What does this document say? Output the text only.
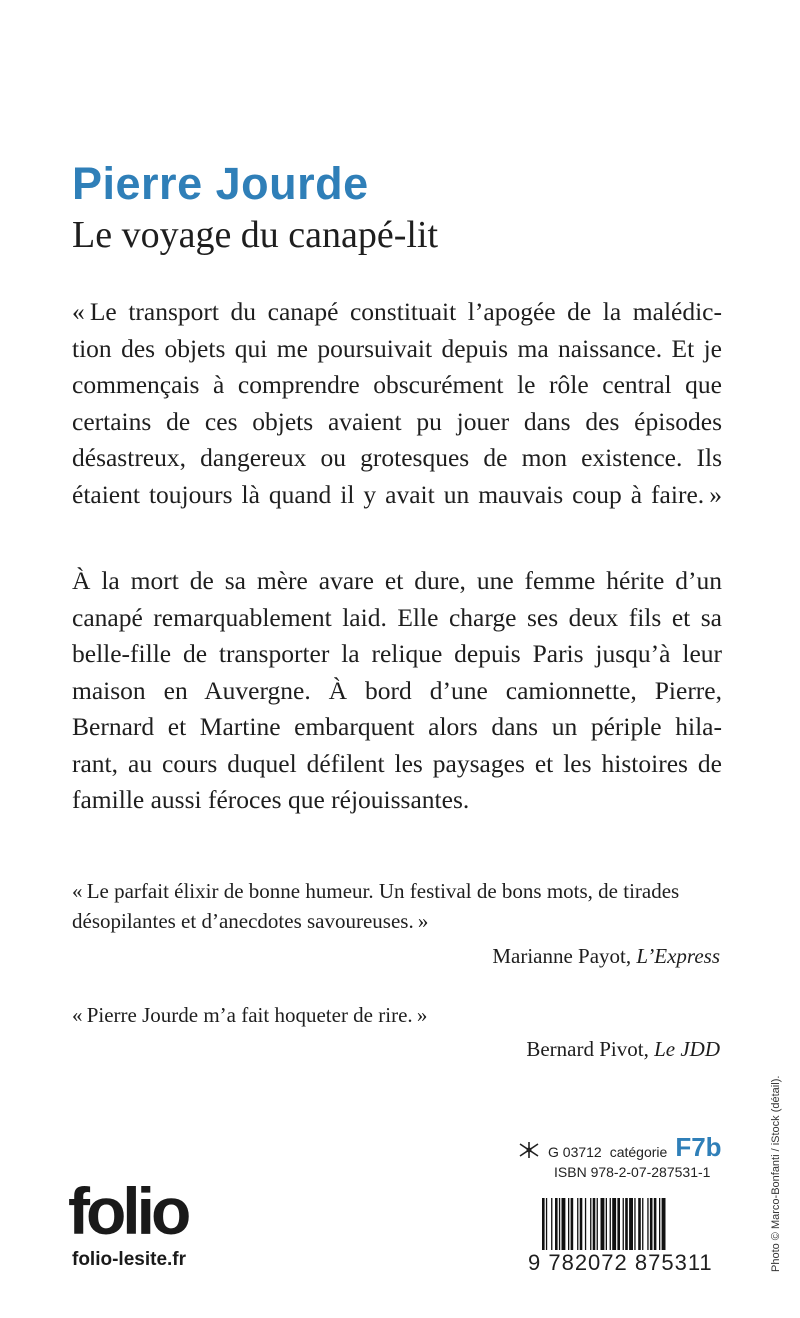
Pierre Jourde
Le voyage du canapé-lit

« Le transport du canapé constituait l’apogée de la malédic-
tion des objets qui me poursuivait depuis ma naissance. Et je
commençais à comprendre obscurément le rôle central que
certains de ces objets avaient pu jouer dans des épisodes
désastreux, dangereux ou grotesques de mon existence. Ils
étaient toujours là quand il y avait un mauvais coup à faire. »

À la mort de sa mère avare et dure, une femme hérite d’un
canapé remarquablement laid. Elle charge ses deux fils et sa
belle-fille de transporter la relique depuis Paris jusqu’à leur
maison en Auvergne. À bord d’une camionnette, Pierre,
Bernard et Martine embarquent alors dans un périple hila-
rant, au cours duquel défilent les paysages et les histoires de
famille aussi féroces que réjouissantes.

« Le parfait élixir de bonne humeur. Un festival de bons mots, de tirades
désopilantes et d’anecdotes savoureuses. »

Marianne Payot, L’Express

« Pierre Jourde m’a fait hoqueter de rire. »

Bernard Pivot, Le JDD

G 03712 catégorie F7b
ISBN 978-2-07-287531-1
9 782072 875311
folio
folio-lesite.fr	Photo © Marco-Bonfanti / iStock (détail).
